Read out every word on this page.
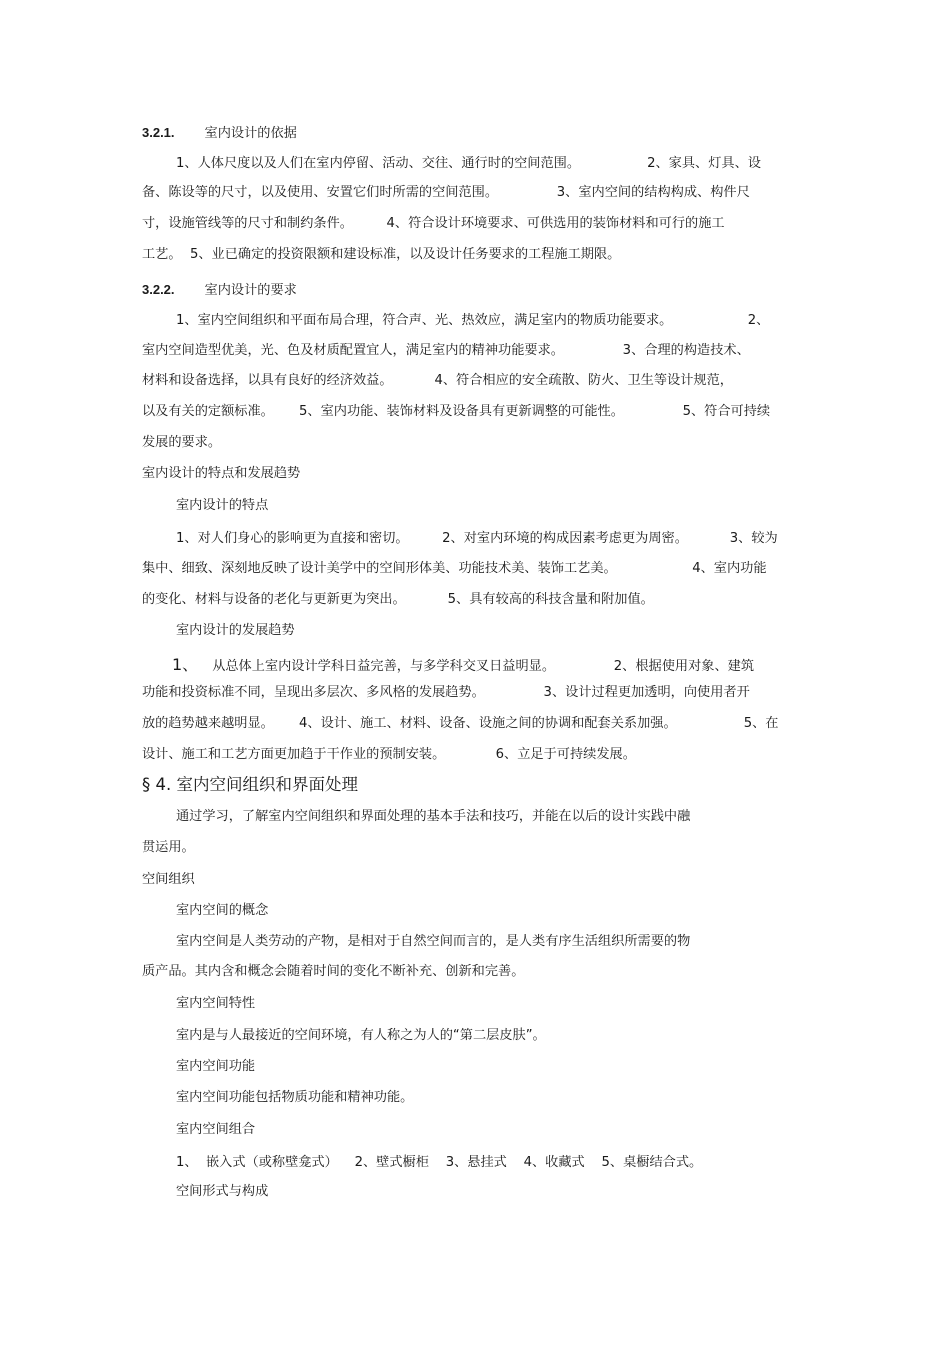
3.2.1. 室内设计的依据

1、人体尺度以及人们在室内停留、活动、交往、通行时的空间范围。                2、家具、灯具、设

备、陈设等的尺寸，以及使用、安置它们时所需的空间范围。              3、室内空间的结构构成、构件尺

寸，设施管线等的尺寸和制约条件。        4、符合设计环境要求、可供选用的装饰材料和可行的施工

工艺。  5、业已确定的投资限额和建设标准，以及设计任务要求的工程施工期限。

3.2.2. 室内设计的要求

1、室内空间组织和平面布局合理，符合声、光、热效应，满足室内的物质功能要求。                  2、

室内空间造型优美，光、色及材质配置宜人，满足室内的精神功能要求。              3、合理的构造技术、

材料和设备选择，以具有良好的经济效益。          4、符合相应的安全疏散、防火、卫生等设计规范，

以及有关的定额标准。      5、室内功能、装饰材料及设备具有更新调整的可能性。              5、符合可持续

发展的要求。

室内设计的特点和发展趋势

室内设计的特点

1、对人们身心的影响更为直接和密切。        2、对室内环境的构成因素考虑更为周密。          3、较为

集中、细致、深刻地反映了设计美学中的空间形体美、功能技术美、装饰工艺美。                  4、室内功能

的变化、材料与设备的老化与更新更为突出。          5、具有较高的科技含量和附加值。

室内设计的发展趋势

1、 从总体上室内设计学科日益完善，与多学科交叉日益明显。              2、根据使用对象、建筑

功能和投资标准不同，呈现出多层次、多风格的发展趋势。              3、设计过程更加透明，向使用者开

放的趋势越来越明显。      4、设计、施工、材料、设备、设施之间的协调和配套关系加强。                5、在

设计、施工和工艺方面更加趋于干作业的预制安装。            6、立足于可持续发展。

§ 4. 室内空间组织和界面处理

通过学习，了解室内空间组织和界面处理的基本手法和技巧，并能在以后的设计实践中融

贯运用。

空间组织

室内空间的概念

室内空间是人类劳动的产物，是相对于自然空间而言的，是人类有序生活组织所需要的物

质产品。其内含和概念会随着时间的变化不断补充、创新和完善。

室内空间特性

室内是与人最接近的空间环境，有人称之为人的“第二层皮肤”。

室内空间功能

室内空间功能包括物质功能和精神功能。

室内空间组合

1、  嵌入式（或称壁龛式）    2、壁式橱柜    3、悬挂式    4、收藏式    5、桌橱结合式。

空间形式与构成
